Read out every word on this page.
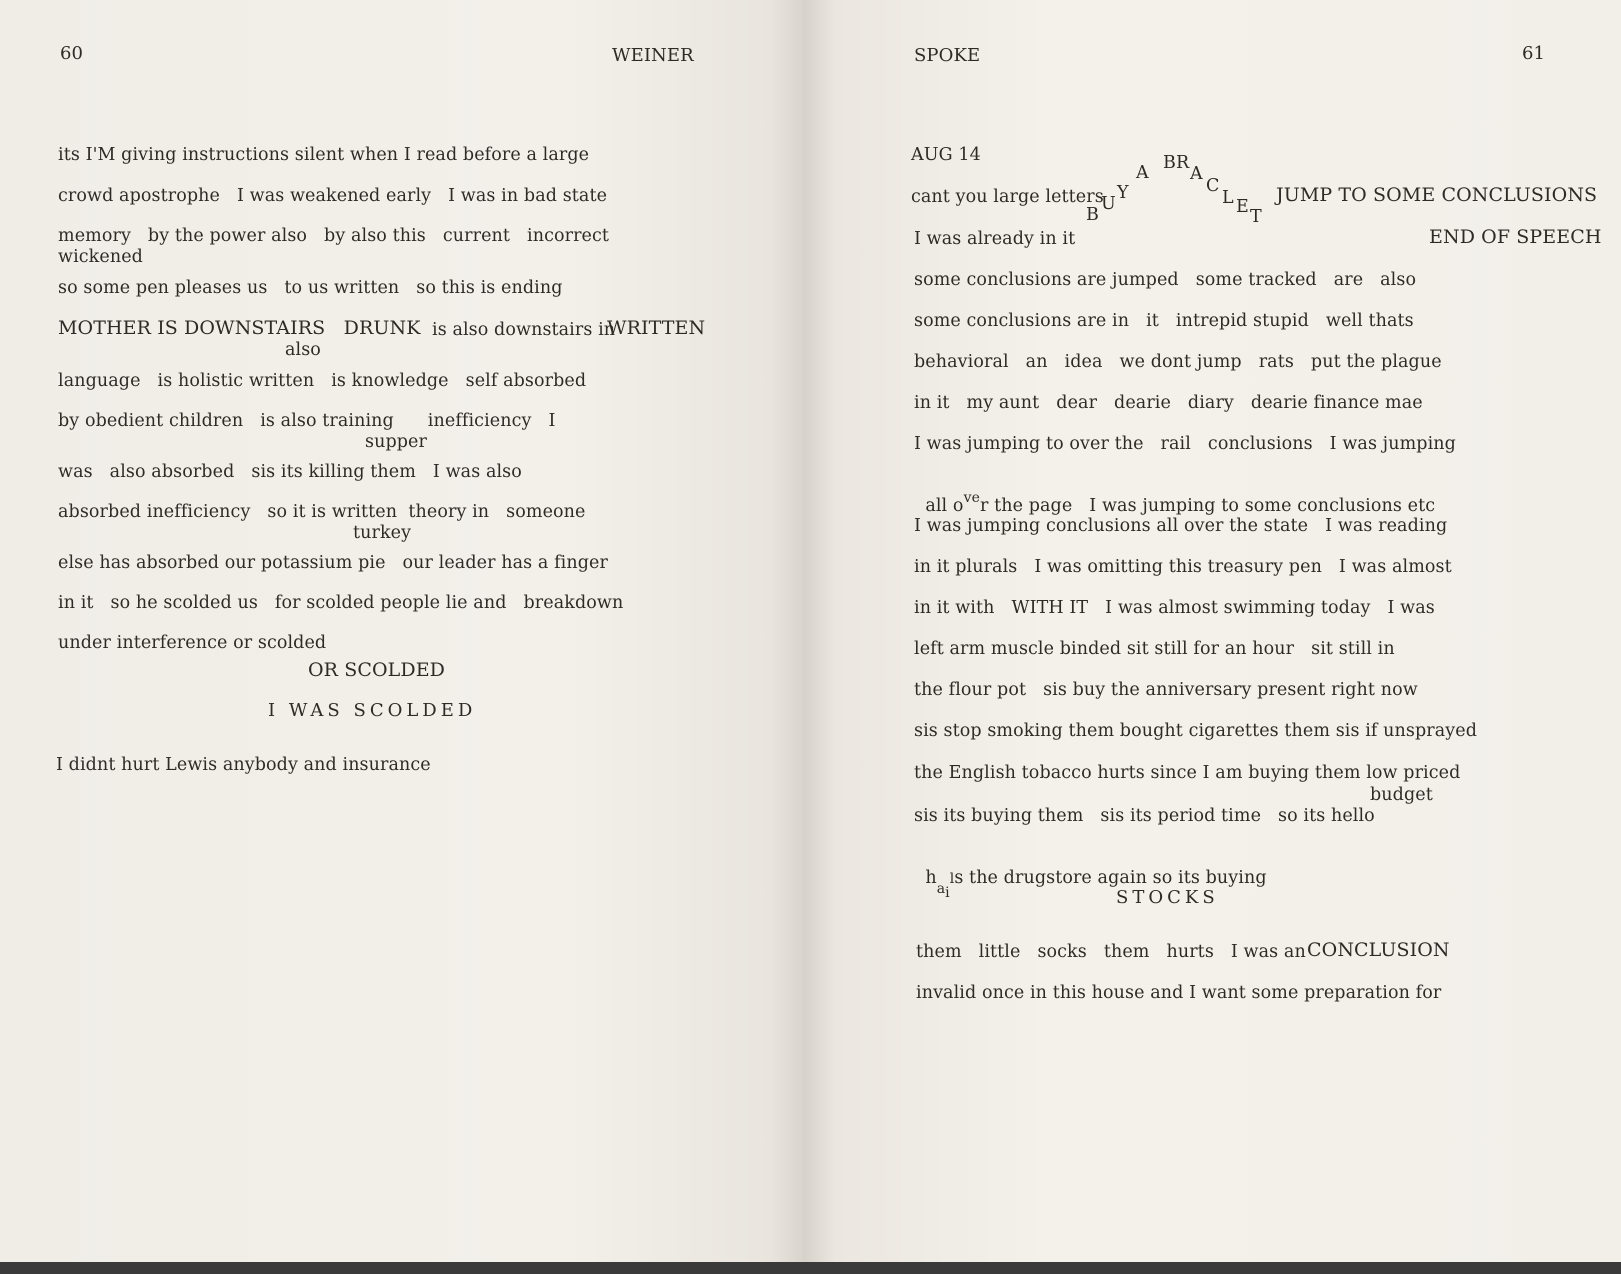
60	WEINER
its I'M giving instructions silent when I read before a large
crowd apostrophe   I was weakened early   I was in bad state
memory   by the power also   by also this   current   incorrect
wickened
so some pen pleases us   to us written   so this is ending
MOTHER IS DOWNSTAIRS   DRUNK is also downstairs in
WRITTEN
also
language   is holistic written   is knowledge   self absorbed
by obedient children   is also training      inefficiency   I
supper
was   also absorbed   sis its killing them   I was also
absorbed inefficiency   so it is written  theory in   someone
turkey
else has absorbed our potassium pie   our leader has a finger
in it   so he scolded us   for scolded people lie and   breakdown
under interference or scolded
OR SCOLDED
I WAS SCOLDED
I didnt hurt Lewis anybody and insurance
SPOKE	61
AUG 14
cant you large letters
B
U
Y
A BR
A
C
L E T
JUMP TO SOME CONCLUSIONS
I was already in it	END OF SPEECH
some conclusions are jumped   some tracked   are   also
some conclusions are in   it   intrepid stupid   well thats
behavioral   an   idea   we dont jump   rats   put the plague
in it   my aunt   dear   dearie   diary   dearie finance mae
I was jumping to over the   rail   conclusions   I was jumping

all $o^{ve}r$ the page   I was jumping to some conclusions etc

I was jumping conclusions all over the state   I was reading
in it plurals   I was omitting this treasury pen   I was almost
in it with   WITH IT   I was almost swimming today   I was
left arm muscle binded sit still for an hour   sit still in
the flour pot   sis buy the anniversary present right now
sis stop smoking them bought cigarettes them sis if unsprayed
the English tobacco hurts since I am buying them low priced
budget
sis its buying them   sis its period time   so its hello

$h_{ai}ls$ the drugstore again so its buying

STOCKS
them   little   socks   them   hurts   I was an CONCLUSION
invalid once in this house and I want some preparation for
